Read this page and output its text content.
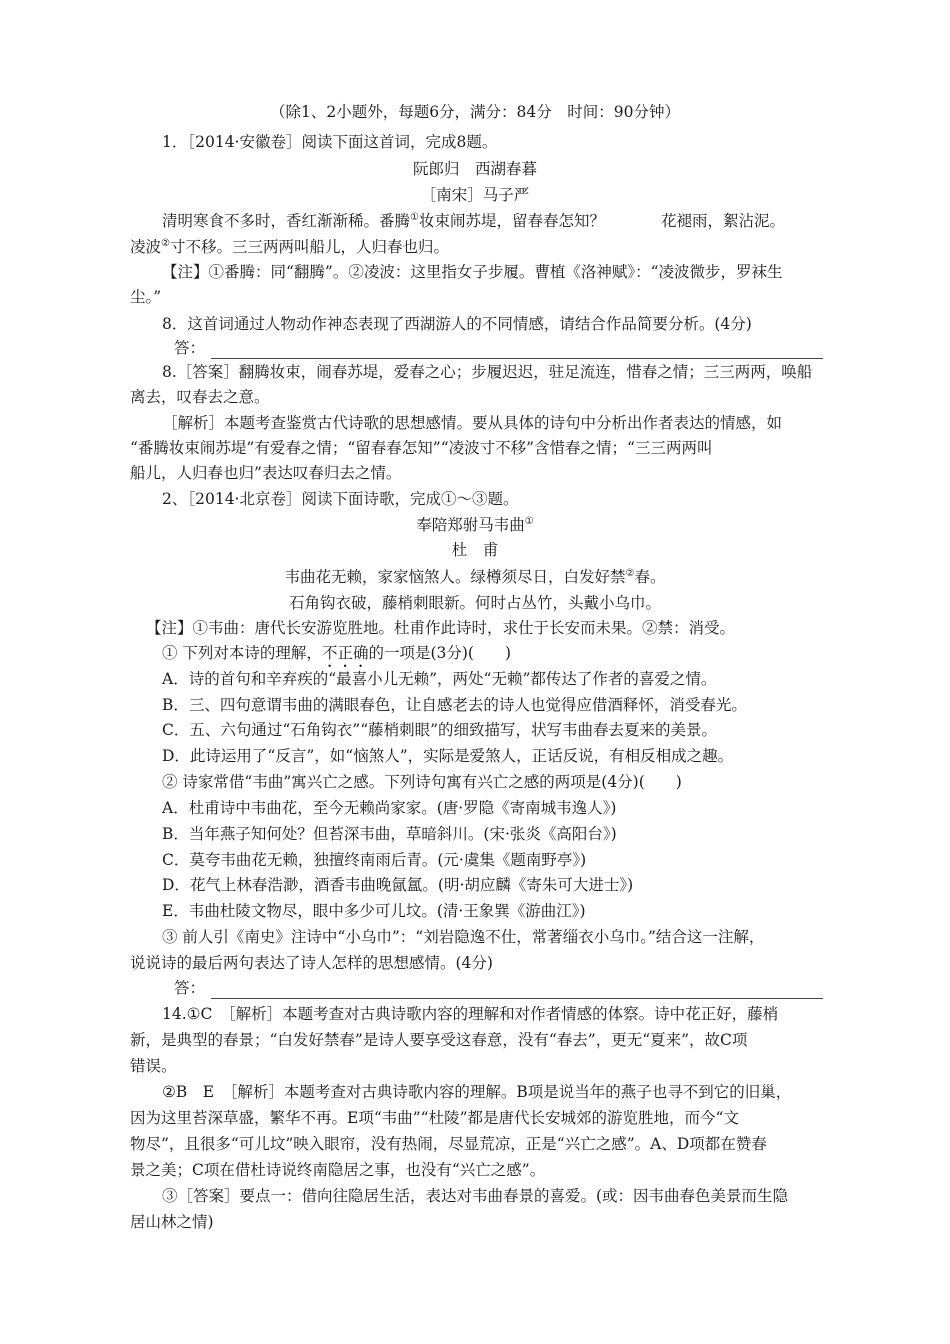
（除1、2小题外，每题6分，满分：84分　时间：90分钟）
1．［2014·安徽卷］阅读下面这首词，完成8题。
阮郎归　西湖春暮
［南宋］马子严
清明寒食不多时，香红渐渐稀。番腾①妆束闹苏堤，留春春怎知？	花褪雨，絮沾泥。
凌波②寸不移。三三两两叫船儿，人归春也归。
【注】①番腾：同“翻腾”。②凌波：这里指女子步履。曹植《洛神赋》：“凌波微步，罗袜生
尘。”
8．这首词通过人物动作神态表现了西湖游人的不同情感，请结合作品简要分析。(4分)
答：
8.［答案］翻腾妆束，闹春苏堤，爱春之心；步履迟迟，驻足流连，惜春之情；三三两两，唤船
离去，叹春去之意。
［解析］本题考查鉴赏古代诗歌的思想感情。要从具体的诗句中分析出作者表达的情感，如
“番腾妆束闹苏堤”有爱春之情；“留春春怎知”“凌波寸不移”含惜春之情；“三三两两叫
船儿，人归春也归”表达叹春归去之情。
2、［2014·北京卷］阅读下面诗歌，完成①～③题。
奉陪郑驸马韦曲①
杜　甫
韦曲花无赖，家家恼煞人。绿樽须尽日，白发好禁②春。
石角钩衣破，藤梢刺眼新。何时占丛竹，头戴小乌巾。
【注】①韦曲：唐代长安游览胜地。杜甫作此诗时，求仕于长安而未果。②禁：消受。
① 下列对本诗的理解，不正确的一项是(3分)(　　)
A．诗的首句和辛弃疾的“最喜小儿无赖”，两处“无赖”都传达了作者的喜爱之情。
B．三、四句意谓韦曲的满眼春色，让自感老去的诗人也觉得应借酒释怀，消受春光。
C．五、六句通过“石角钩衣”“藤梢刺眼”的细致描写，状写韦曲春去夏来的美景。
D．此诗运用了“反言”，如“恼煞人”，实际是爱煞人，正话反说，有相反相成之趣。
② 诗家常借“韦曲”寓兴亡之感。下列诗句寓有兴亡之感的两项是(4分)(　　)
A．杜甫诗中韦曲花，至今无赖尚家家。(唐·罗隐《寄南城韦逸人》)
B．当年燕子知何处？但苔深韦曲，草暗斜川。(宋·张炎《高阳台》)
C．莫夸韦曲花无赖，独擅终南雨后青。(元·虞集《题南野亭》)
D．花气上林春浩渺，酒香韦曲晚氤氲。(明·胡应麟《寄朱可大进士》)
E．韦曲杜陵文物尽，眼中多少可儿坟。(清·王象巽《游曲江》)
③ 前人引《南史》注诗中“小乌巾”：“刘岩隐逸不仕，常著缁衣小乌巾。”结合这一注解，
说说诗的最后两句表达了诗人怎样的思想感情。(4分)
答：
14.①C　［解析］本题考查对古典诗歌内容的理解和对作者情感的体察。诗中花正好，藤梢
新，是典型的春景；“白发好禁春”是诗人要享受这春意，没有“春去”，更无“夏来”，故C项
错误。
②B　E　［解析］本题考查对古典诗歌内容的理解。B项是说当年的燕子也寻不到它的旧巢，
因为这里苔深草盛，繁华不再。E项“韦曲”“杜陵”都是唐代长安城郊的游览胜地，而今“文
物尽”，且很多“可儿坟”映入眼帘，没有热闹，尽显荒凉，正是“兴亡之感”。A、D项都在赞春
景之美；C项在借杜诗说终南隐居之事，也没有“兴亡之感”。
③［答案］要点一：借向往隐居生活，表达对韦曲春景的喜爱。(或：因韦曲春色美景而生隐
居山林之情)
